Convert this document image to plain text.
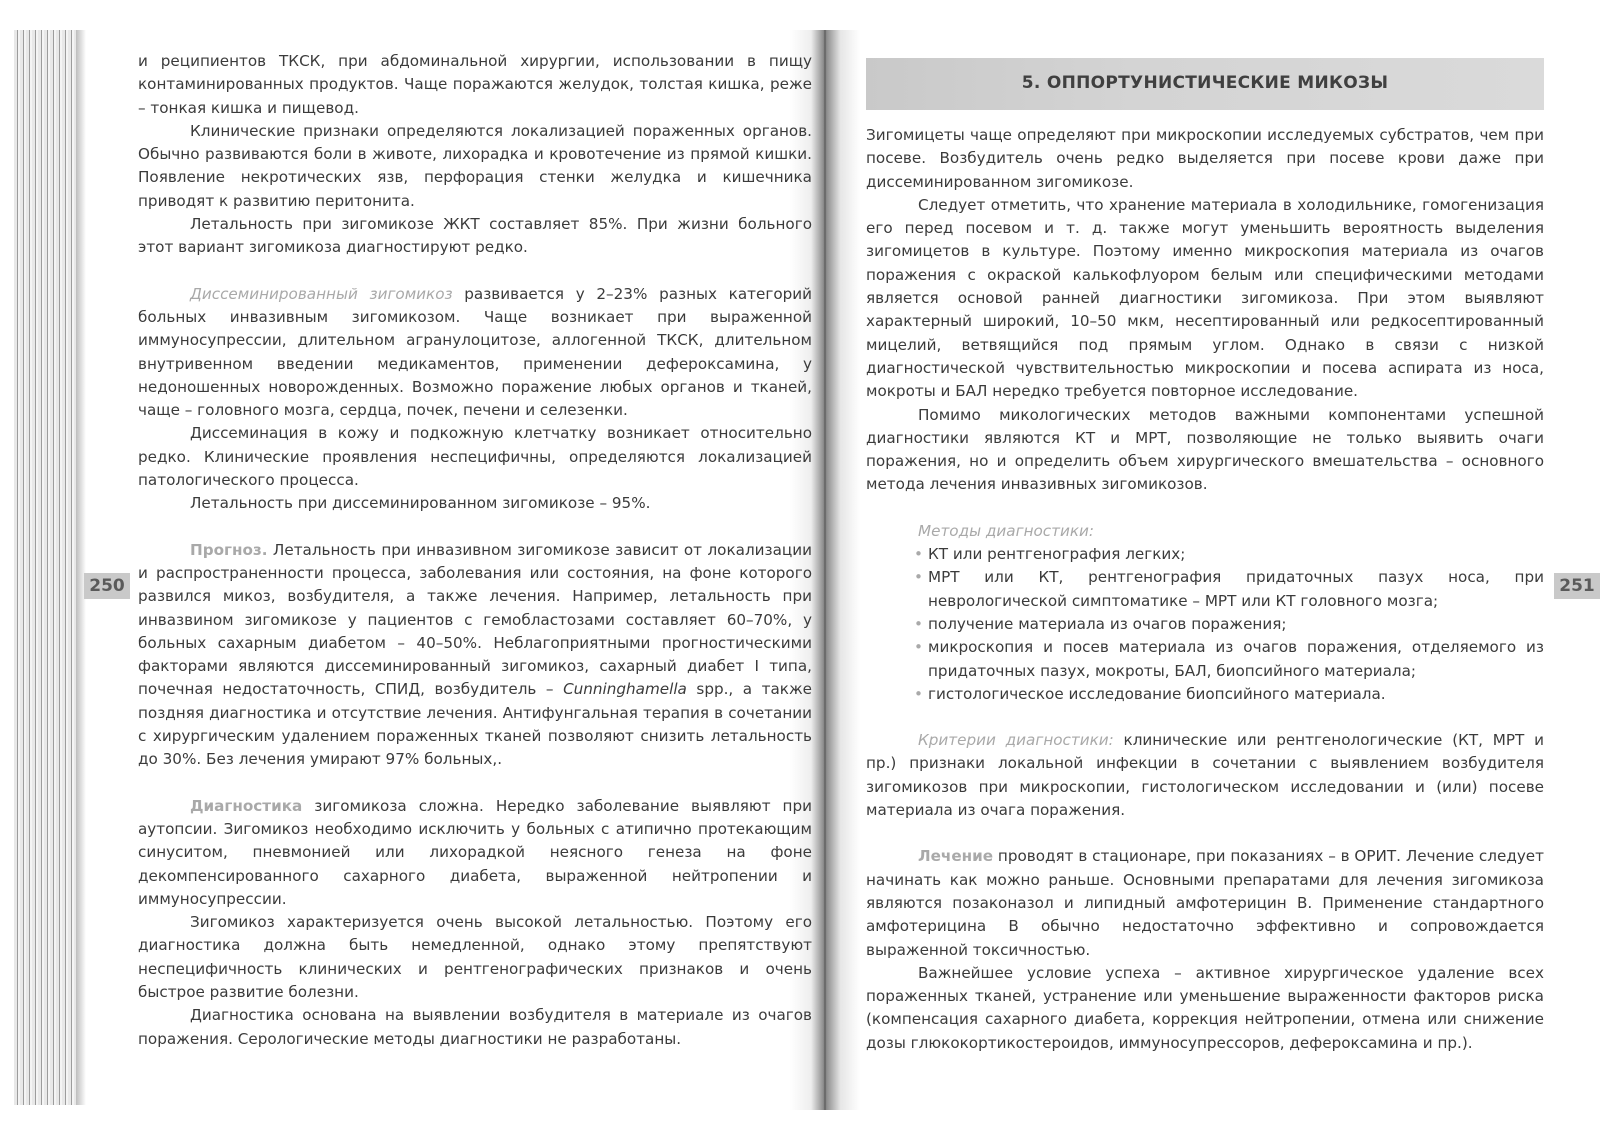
250	251

и реципиентов ТКСК, при абдоминальной хирургии, использовании в пищу контаминированных продуктов. Чаще поражаются желудок, толстая кишка, реже – тонкая кишка и пищевод.

Клинические признаки определяются локализацией пораженных органов. Обычно развиваются боли в животе, лихорадка и кровотечение из прямой кишки. Появление некротических язв, перфорация стенки желудка и кишечника приводят к развитию перитонита.

Летальность при зигомикозе ЖКТ составляет 85%. При жизни больного этот вариант зигомикоза диагностируют редко.

Диссеминированный зигомикоз развивается у 2–23% разных категорий больных инвазивным зигомикозом. Чаще возникает при выраженной иммуносупрессии, длительном агранулоцитозе, аллогенной ТКСК, длительном внутривенном введении медикаментов, применении дефероксамина, у недоношенных новорожденных. Возможно поражение любых органов и тканей, чаще – головного мозга, сердца, почек, печени и селезенки.

Диссеминация в кожу и подкожную клетчатку возникает относительно редко. Клинические проявления неспецифичны, определяются локализацией патологического процесса.

Летальность при диссеминированном зигомикозе – 95%.

Прогноз. Летальность при инвазивном зигомикозе зависит от локализации и распространенности процесса, заболевания или состояния, на фоне которого развился микоз, возбудителя, а также лечения. Например, летальность при инвазвином зигомикозе у пациентов с гемобластозами составляет 60–70%, у больных сахарным диабетом – 40–50%. Неблагоприятными прогностическими факторами являются диссеминированный зигомикоз, сахарный диабет I типа, почечная недостаточность, СПИД, возбудитель – Cunninghamella spp., а также поздняя диагностика и отсутствие лечения. Антифунгальная терапия в сочетании с хирургическим удалением пораженных тканей позволяют снизить летальность до 30%. Без лечения умирают 97% больных,.

Диагностика зигомикоза сложна. Нередко заболевание выявляют при аутопсии. Зигомикоз необходимо исключить у больных с атипично протекающим синуситом, пневмонией или лихорадкой неясного генеза на фоне декомпенсированного сахарного диабета, выраженной нейтропении и иммуносупрессии.

Зигомикоз характеризуется очень высокой летальностью. Поэтому его диагностика должна быть немедленной, однако этому препятствуют неспецифичность клинических и рентгенографических признаков и очень быстрое развитие болезни.

Диагностика основана на выявлении возбудителя в материале из очагов поражения. Серологические методы диагностики не разработаны.

5. ОППОРТУНИСТИЧЕСКИЕ МИКОЗЫ

Зигомицеты чаще определяют при микроскопии исследуемых субстратов, чем при посеве. Возбудитель очень редко выделяется при посеве крови даже при диссеминированном зигомикозе.

Следует отметить, что хранение материала в холодильнике, гомогенизация его перед посевом и т. д. также могут уменьшить вероятность выделения зигомицетов в культуре. Поэтому именно микроскопия материала из очагов поражения с окраской калькофлуором белым или специфическими методами является основой ранней диагностики зигомикоза. При этом выявляют характерный широкий, 10–50 мкм, несептированный или редкосептированный мицелий, ветвящийся под прямым углом. Однако в связи с низкой диагностической чувствительностью микроскопии и посева аспирата из носа, мокроты и БАЛ нередко требуется повторное исследование.

Помимо микологических методов важными компонентами успешной диагностики являются КТ и МРТ, позволяющие не только выявить очаги поражения, но и определить объем хирургического вмешательства – основного метода лечения инвазивных зигомикозов.

Методы диагностики:

• КТ или рентгенография легких;
• МРТ или КТ, рентгенография придаточных пазух носа, при неврологической симптоматике – МРТ или КТ головного мозга;
• получение материала из очагов поражения;
• микроскопия и посев материала из очагов поражения, отделяемого из придаточных пазух, мокроты, БАЛ, биопсийного материала;
• гистологическое исследование биопсийного материала.

Критерии диагностики: клинические или рентгенологические (КТ, МРТ и пр.) признаки локальной инфекции в сочетании с выявлением возбудителя зигомикозов при микроскопии, гистологическом исследовании и (или) посеве материала из очага поражения.

Лечение проводят в стационаре, при показаниях – в ОРИТ. Лечение следует начинать как можно раньше. Основными препаратами для лечения зигомикоза являются позаконазол и липидный амфотерицин В. Применение стандартного амфотерицина В обычно недостаточно эффективно и сопровождается выраженной токсичностью.

Важнейшее условие успеха – активное хирургическое удаление всех пораженных тканей, устранение или уменьшение выраженности факторов риска (компенсация сахарного диабета, коррекция нейтропении, отмена или снижение дозы глюкокортикостероидов, иммуносупрессоров, дефероксамина и пр.).
